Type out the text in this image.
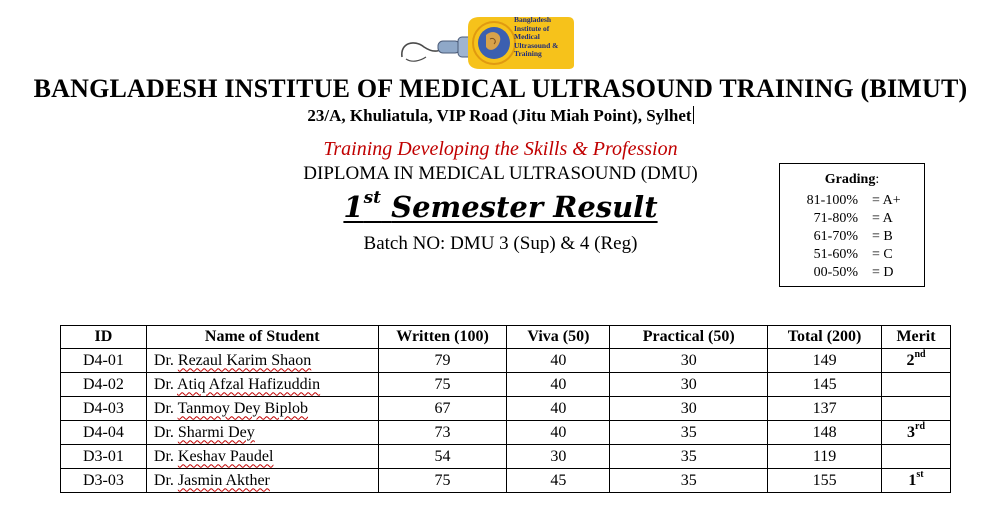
Bangladesh
Institute of
Medical
Ultrasound &
Training
BANGLADESH INSTITUE OF MEDICAL ULTRASOUND TRAINING (BIMUT)
23/A, Khuliatula, VIP Road (Jitu Miah Point), Sylhet
Training Developing the Skills & Profession
DIPLOMA IN MEDICAL ULTRASOUND (DMU)
1st Semester Result
Batch NO: DMU 3 (Sup) & 4 (Reg)
Grading:
81-100% = A+
71-80% = A
61-70% = B
51-60% = C
00-50% = D
ID	Name of Student	Written (100)	Viva (50)	Practical (50)	Total (200)	Merit
D4-01	Dr. Rezaul Karim Shaon	79	40	30	149	2nd
D4-02	Dr. Atiq Afzal Hafizuddin	75	40	30	145	
D4-03	Dr. Tanmoy Dey Biplob	67	40	30	137	
D4-04	Dr. Sharmi Dey	73	40	35	148	3rd
D3-01	Dr. Keshav Paudel	54	30	35	119	
D3-03	Dr. Jasmin Akther	75	45	35	155	1st
